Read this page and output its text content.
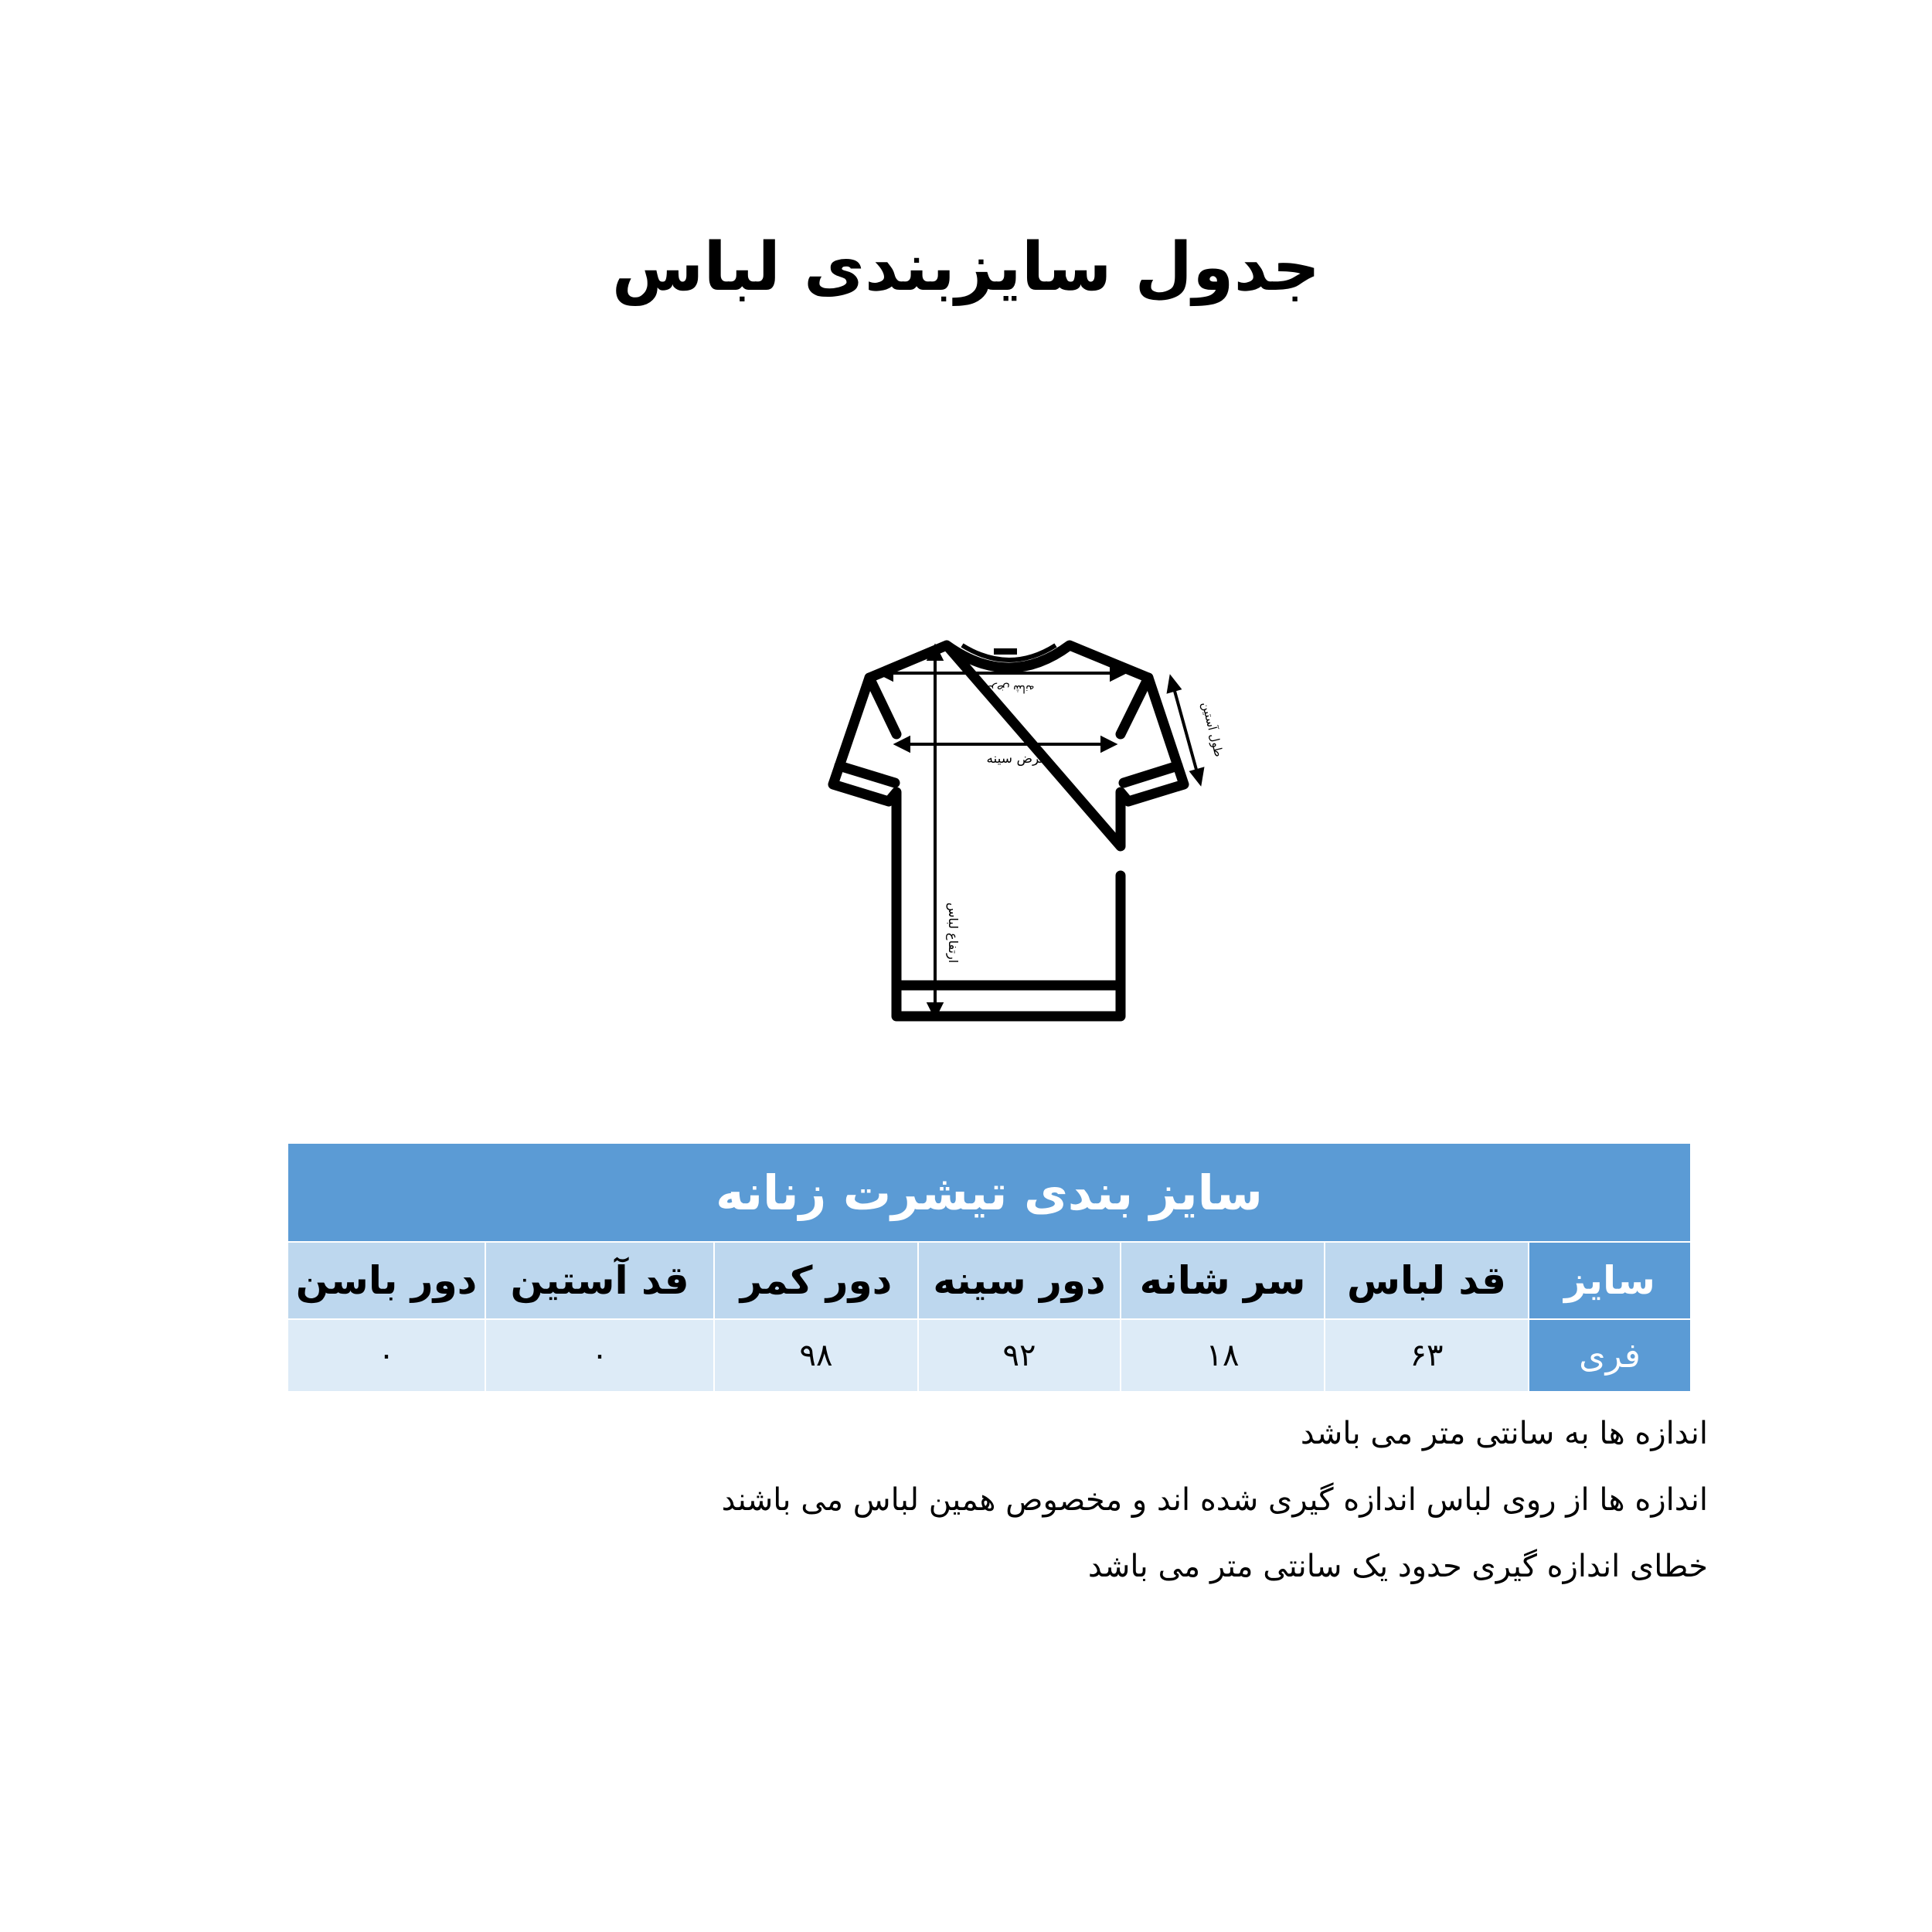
جدول سایزبندی لباس
عرض شانه
عرض سینه
طول آستین
ارتفاع لباس
سایز بندی تیشرت زنانه						
سایز	قد لباس	سر شانه	دور سینه	دور کمر	قد آستین	دور باسن
فری	۶۳	۱۸	۹۲	۹۸	۰	۰
اندازه ها به سانتی متر می باشد
اندازه ها از روی لباس اندازه گیری شده اند و مخصوص همین لباس می باشند
خطای اندازه گیری حدود یک سانتی متر می باشد
